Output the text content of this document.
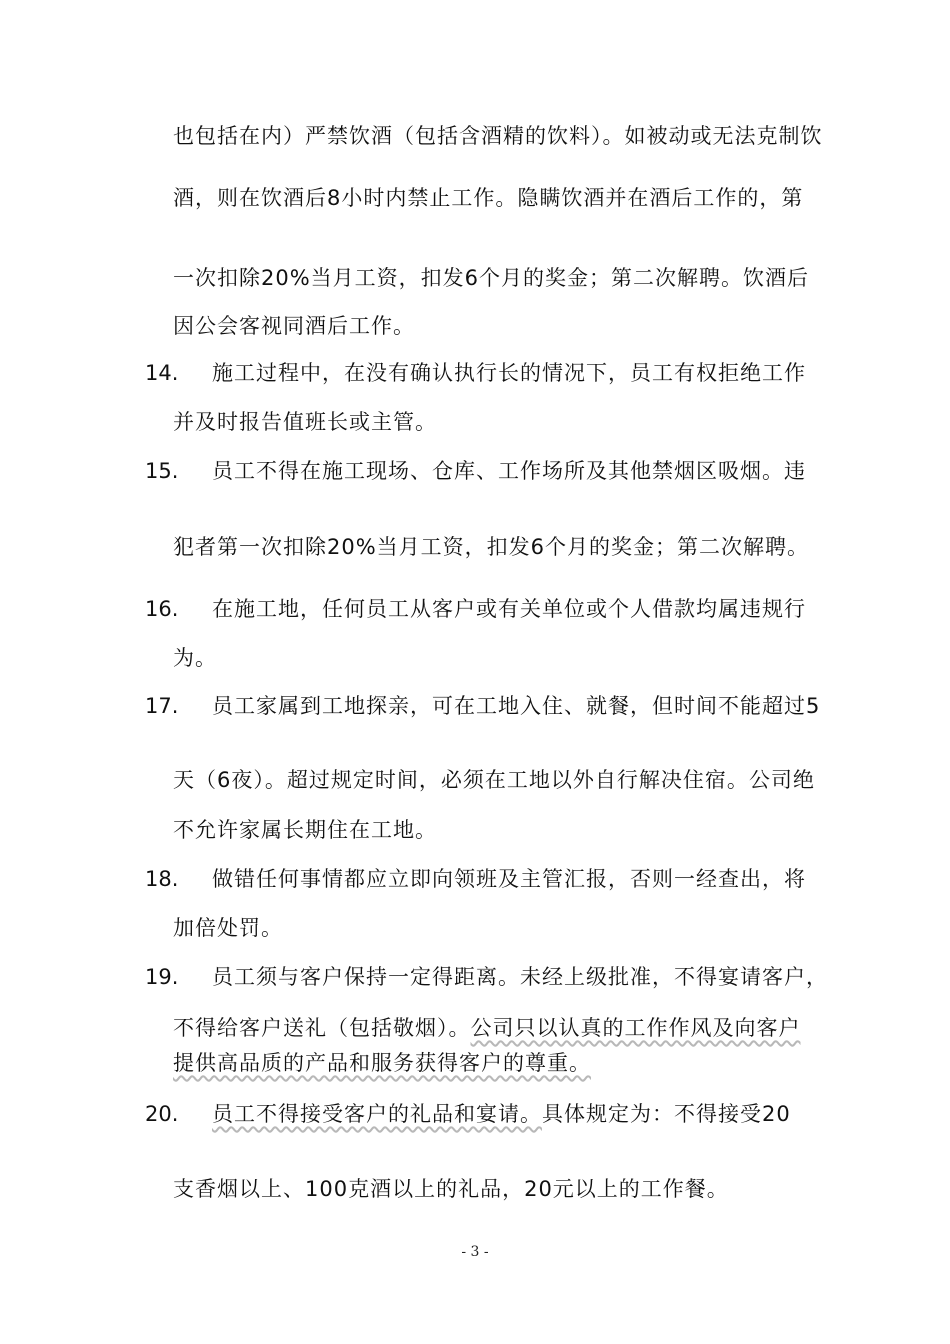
也包括在内）严禁饮酒（包括含酒精的饮料）。如被动或无法克制饮
酒，则在饮酒后8小时内禁止工作。隐瞒饮酒并在酒后工作的，第
一次扣除20%当月工资，扣发6个月的奖金；第二次解聘。饮酒后
因公会客视同酒后工作。
14. 施工过程中，在没有确认执行长的情况下，员工有权拒绝工作
并及时报告值班长或主管。
15. 员工不得在施工现场、仓库、工作场所及其他禁烟区吸烟。违
犯者第一次扣除20%当月工资，扣发6个月的奖金；第二次解聘。
16. 在施工地，任何员工从客户或有关单位或个人借款均属违规行
为。
17. 员工家属到工地探亲，可在工地入住、就餐，但时间不能超过5
天（6夜）。超过规定时间，必须在工地以外自行解决住宿。公司绝
不允许家属长期住在工地。
18. 做错任何事情都应立即向领班及主管汇报，否则一经查出，将
加倍处罚。
19. 员工须与客户保持一定得距离。未经上级批准，不得宴请客户，
不得给客户送礼（包括敬烟）。公司只以认真的工作作风及向客户
提供高品质的产品和服务获得客户的尊重。
20. 员工不得接受客户的礼品和宴请。具体规定为：不得接受20
支香烟以上、100克酒以上的礼品，20元以上的工作餐。
- 3 -
